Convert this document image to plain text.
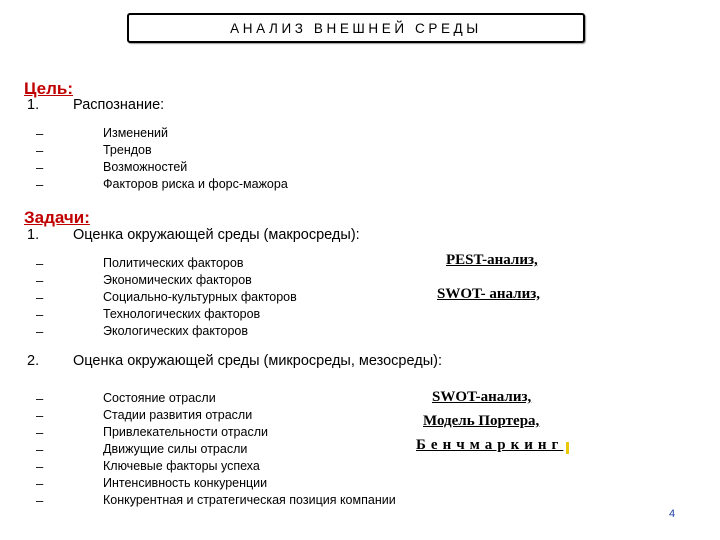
АНАЛИЗ ВНЕШНЕЙ СРЕДЫ
Цель:
1. Распознание:
–	Изменений
–	Трендов
–	Возможностей
–	Факторов риска и форс-мажора
Задачи:
1. Оценка окружающей среды (макросреды):
–	Политических факторов
–	Экономических факторов
–	Социально-культурных факторов
–	Технологических факторов
–	Экологических факторов
PEST-анализ,
SWOT- анализ,
2. Оценка окружающей среды (микросреды, мезосреды):
–	Состояние отрасли
–	Стадии развития отрасли
–	Привлекательности отрасли
–	Движущие силы отрасли
–	Ключевые факторы успеха
–	Интенсивность конкуренции
–	Конкурентная и стратегическая позиция компании
SWOT-анализ,
Модель Портера,
Бенчмаркинг
4
